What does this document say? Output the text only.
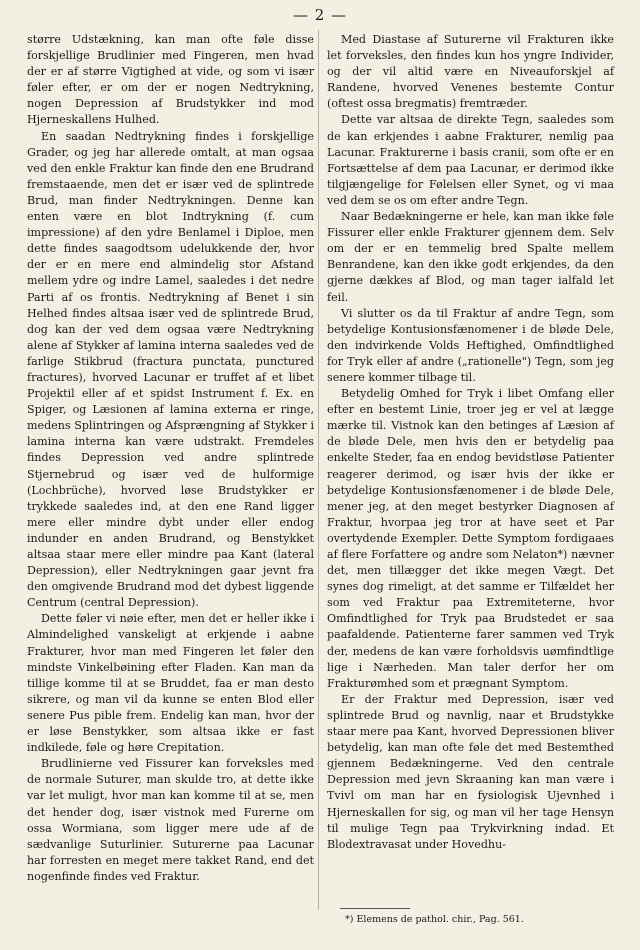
— 2 —

større Udstækning, kan man ofte føle disse forskjellige Brudlinier med Fingeren, men hvad der er af større Vigtighed at vide, og som vi især føler efter, er om der er nogen Nedtrykning, nogen Depression af Brudstykker ind mod Hjerneskallens Hulhed.

En saadan Nedtrykning findes i forskjellige Grader, og jeg har allerede omtalt, at man ogsaa ved den enkle Fraktur kan finde den ene Brudrand fremstaaende, men det er især ved de splintrede Brud, man finder Nedtrykningen. Denne kan enten være en blot Indtrykning (f. cum impressione) af den ydre Benlamel i Diploe, men dette findes saagodtsom udelukkende der, hvor der er en mere end almindelig stor Afstand mellem ydre og indre Lamel, saaledes i det nedre Parti af os frontis. Nedtrykning af Benet i sin Helhed findes altsaa især ved de splintrede Brud, dog kan der ved dem ogsaa være Nedtrykning alene af Stykker af lamina interna saaledes ved de farlige Stikbrud (fractura punctata, punctured fractures), hvorved Lacunar er truffet af et libet Projektil eller af et spidst Instrument f. Ex. en Spiger, og Læsionen af lamina externa er ringe, medens Splintringen og Afsprængning af Stykker i lamina interna kan være udstrakt. Fremdeles findes Depression ved andre splintrede Stjernebrud og især ved de hulformige (Lochbrüche), hvorved løse Brudstykker er trykkede saaledes ind, at den ene Rand ligger mere eller mindre dybt under eller endog indunder en anden Brudrand, og Benstykket altsaa staar mere eller mindre paa Kant (lateral Depression), eller Nedtrykningen gaar jevnt fra den omgivende Brudrand mod det dybest liggende Centrum (central Depression).

Dette føler vi nøie efter, men det er heller ikke i Almindelighed vanskeligt at erkjende i aabne Frakturer, hvor man med Fingeren let føler den mindste Vinkelbøining efter Fladen. Kan man da tillige komme til at se Bruddet, faa er man desto sikrere, og man vil da kunne se enten Blod eller senere Pus pible frem. Endelig kan man, hvor der er løse Benstykker, som altsaa ikke er fast indkilede, føle og høre Crepitation.

Brudlinierne ved Fissurer kan forveksles med de normale Suturer, man skulde tro, at dette ikke var let muligt, hvor man kan komme til at se, men det hender dog, især vistnok med Furerne om ossa Wormiana, som ligger mere ude af de sædvanlige Suturlinier. Suturerne paa Lacunar har forresten en meget mere takket Rand, end det nogenfinde findes ved Fraktur.

Med Diastase af Suturerne vil Frakturen ikke let forveksles, den findes kun hos yngre Individer, og der vil altid være en Niveauforskjel af Randene, hvorved Venenes bestemte Contur (oftest ossa bregmatis) fremtræder.

Dette var altsaa de direkte Tegn, saaledes som de kan erkjendes i aabne Frakturer, nemlig paa Lacunar. Frakturerne i basis cranii, som ofte er en Fortsættelse af dem paa Lacunar, er derimod ikke tilgjængelige for Følelsen eller Synet, og vi maa ved dem se os om efter andre Tegn.

Naar Bedækningerne er hele, kan man ikke føle Fissurer eller enkle Frakturer gjennem dem. Selv om der er en temmelig bred Spalte mellem Benrandene, kan den ikke godt erkjendes, da den gjerne dækkes af Blod, og man tager ialfald let feil.

Vi slutter os da til Fraktur af andre Tegn, som betydelige Kontusionsfænomener i de bløde Dele, den indvirkende Volds Heftighed, Omfindtlighed for Tryk eller af andre („rationelle") Tegn, som jeg senere kommer tilbage til.

Betydelig Omhed for Tryk i libet Omfang eller efter en bestemt Linie, troer jeg er vel at lægge mærke til. Vistnok kan den betinges af Læsion af de bløde Dele, men hvis den er betydelig paa enkelte Steder, faa en endog bevidstløse Patienter reagerer derimod, og især hvis der ikke er betydelige Kontusionsfænomener i de bløde Dele, mener jeg, at den meget bestyrker Diagnosen af Fraktur, hvorpaa jeg tror at have seet et Par overtydende Exempler. Dette Symptom fordigaaes af flere Forfattere og andre som Nelaton*) nævner det, men tillægger det ikke megen Vægt. Det synes dog rimeligt, at det samme er Tilfældet her som ved Fraktur paa Extremiteterne, hvor Omfindtlighed for Tryk paa Brudstedet er saa paafaldende. Patienterne farer sammen ved Tryk der, medens de kan være forholdsvis uømfindtlige lige i Nærheden. Man taler derfor her om Frakturømhed som et prægnant Symptom.

Er der Fraktur med Depression, især ved splintrede Brud og navnlig, naar et Brudstykke staar mere paa Kant, hvorved Depressionen bliver betydelig, kan man ofte føle det med Bestemthed gjennem Bedækningerne. Ved den centrale Depression med jevn Skraaning kan man være i Tvivl om man har en fysiologisk Ujevnhed i Hjerneskallen for sig, og man vil her tage Hensyn til mulige Tegn paa Trykvirkning indad. Et Blodextravasat under Hovedhu-

*) Elemens de pathol. chir., Pag. 561.
